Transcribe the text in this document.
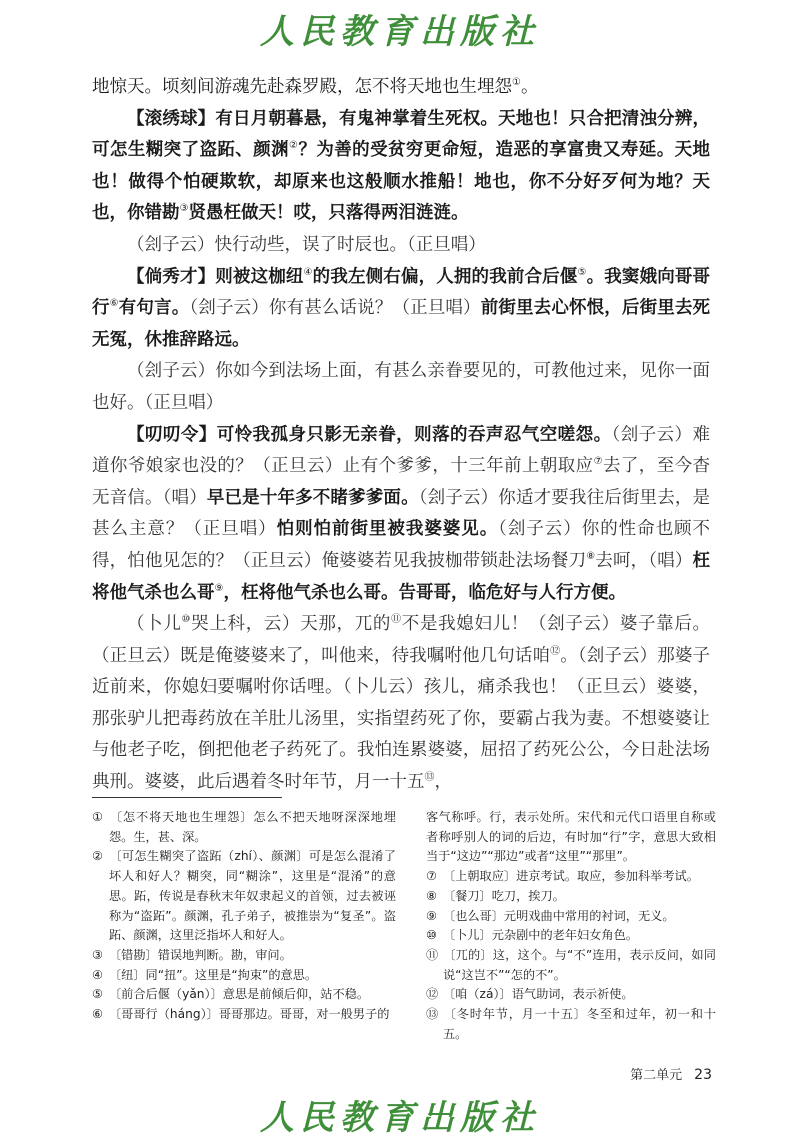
人民教育出版社

地惊天。顷刻间游魂先赴森罗殿，怎不将天地也生埋怨①。

【滚绣球】有日月朝暮悬，有鬼神掌着生死权。天地也！只合把清浊分辨，可怎生糊突了盗跖、颜渊②？为善的受贫穷更命短，造恶的享富贵又寿延。天地也！做得个怕硬欺软，却原来也这般顺水推船！地也，你不分好歹何为地？天也，你错勘③贤愚枉做天！哎，只落得两泪涟涟。

（刽子云）快行动些，误了时辰也。（正旦唱）

【倘秀才】则被这枷纽④的我左侧右偏，人拥的我前合后偃⑤。我窦娥向哥哥行⑥有句言。（刽子云）你有甚么话说？（正旦唱）前街里去心怀恨，后街里去死无冤，休推辞路远。

（刽子云）你如今到法场上面，有甚么亲眷要见的，可教他过来，见你一面也好。（正旦唱）

【叨叨令】可怜我孤身只影无亲眷，则落的吞声忍气空嗟怨。（刽子云）难道你爷娘家也没的？（正旦云）止有个爹爹，十三年前上朝取应⑦去了，至今杳无音信。（唱）早已是十年多不睹爹爹面。（刽子云）你适才要我往后街里去，是甚么主意？（正旦唱）怕则怕前街里被我婆婆见。（刽子云）你的性命也顾不得，怕他见怎的？（正旦云）俺婆婆若见我披枷带锁赴法场餐刀⑧去呵，（唱）枉将他气杀也么哥⑨，枉将他气杀也么哥。告哥哥，临危好与人行方便。

（卜儿⑩哭上科，云）天那，兀的⑪不是我媳妇儿！（刽子云）婆子靠后。（正旦云）既是俺婆婆来了，叫他来，待我嘱咐他几句话咱⑫。（刽子云）那婆子近前来，你媳妇要嘱咐你话哩。（卜儿云）孩儿，痛杀我也！（正旦云）婆婆，那张驴儿把毒药放在羊肚儿汤里，实指望药死了你，要霸占我为妻。不想婆婆让与他老子吃，倒把他老子药死了。我怕连累婆婆，屈招了药死公公，今日赴法场典刑。婆婆，此后遇着冬时年节，月一十五⑬，

① 〔怎不将天地也生埋怨〕怎么不把天地呀深深地埋怨。生，甚、深。
② 〔可怎生糊突了盗跖（zhí）、颜渊〕可是怎么混淆了坏人和好人？糊突，同“糊涂”，这里是“混淆”的意思。跖，传说是春秋末年奴隶起义的首领，过去被诬称为“盗跖”。颜渊，孔子弟子，被推崇为“复圣”。盗跖、颜渊，这里泛指坏人和好人。
③ 〔错勘〕错误地判断。勘，审问。
④ 〔纽〕同“扭”。这里是“拘束”的意思。
⑤ 〔前合后偃（yǎn）〕意思是前倾后仰，站不稳。
⑥ 〔哥哥行（háng）〕哥哥那边。哥哥，对一般男子的
客气称呼。行，表示处所。宋代和元代口语里自称或者称呼别人的词的后边，有时加“行”字，意思大致相当于“这边”“那边”或者“这里”“那里”。
⑦ 〔上朝取应〕进京考试。取应，参加科举考试。
⑧ 〔餐刀〕吃刀，挨刀。
⑨ 〔也么哥〕元明戏曲中常用的衬词，无义。
⑩ 〔卜儿〕元杂剧中的老年妇女角色。
⑪ 〔兀的〕这，这个。与“不”连用，表示反问，如同说“这岂不”“怎的不”。
⑫ 〔咱（zá）〕语气助词，表示祈使。
⑬ 〔冬时年节，月一十五〕冬至和过年，初一和十五。
第二单元 23
人民教育出版社
